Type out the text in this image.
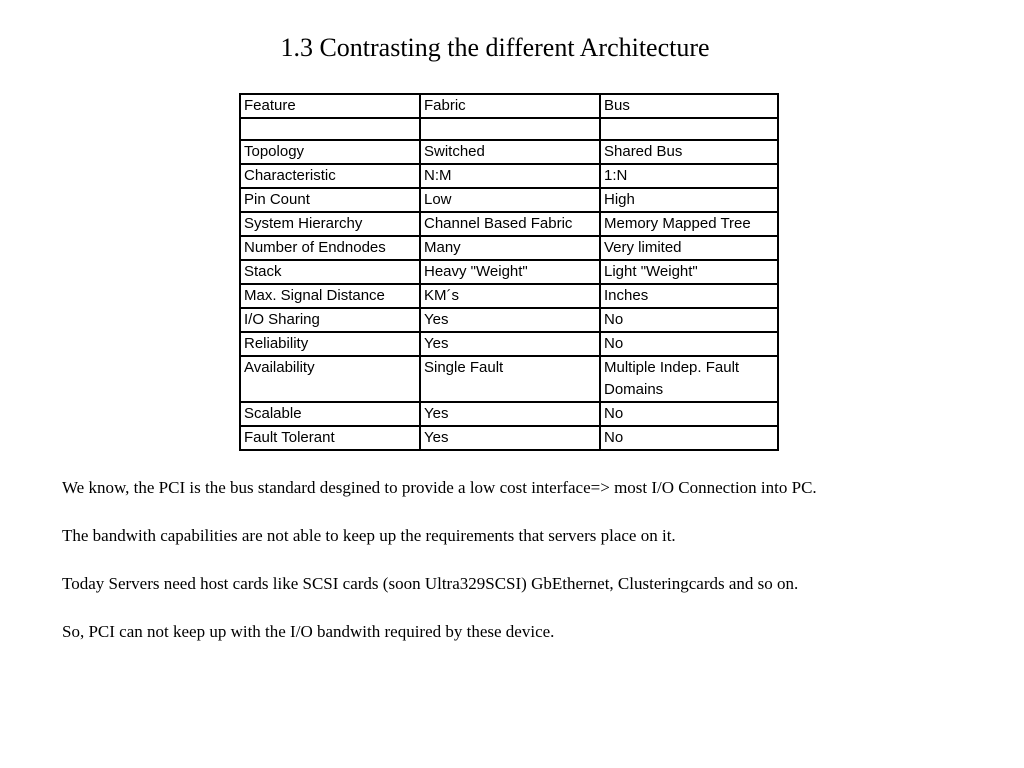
1.3 Contrasting the different Architecture
Feature	Fabric	Bus

Topology	Switched	Shared Bus
Characteristic	N:M	1:N
Pin Count	Low	High
System Hierarchy	Channel Based Fabric	Memory Mapped Tree
Number of Endnodes	Many	Very limited
Stack	Heavy "Weight"	Light "Weight"
Max. Signal Distance	KM´s	Inches
I/O Sharing	Yes	No
Reliability	Yes	No
Availability	Single Fault	Multiple Indep. Fault Domains
Scalable	Yes	No
Fault Tolerant	Yes	No

We know, the PCI is the bus standard desgined to provide a low cost interface=> most I/O Connection into PC.

The bandwith capabilities are not able to keep up the requirements that servers place on it.

Today Servers need host cards like SCSI cards (soon Ultra329SCSI) GbEthernet, Clusteringcards and so on.

So, PCI can not keep up with the I/O bandwith required by these device.
